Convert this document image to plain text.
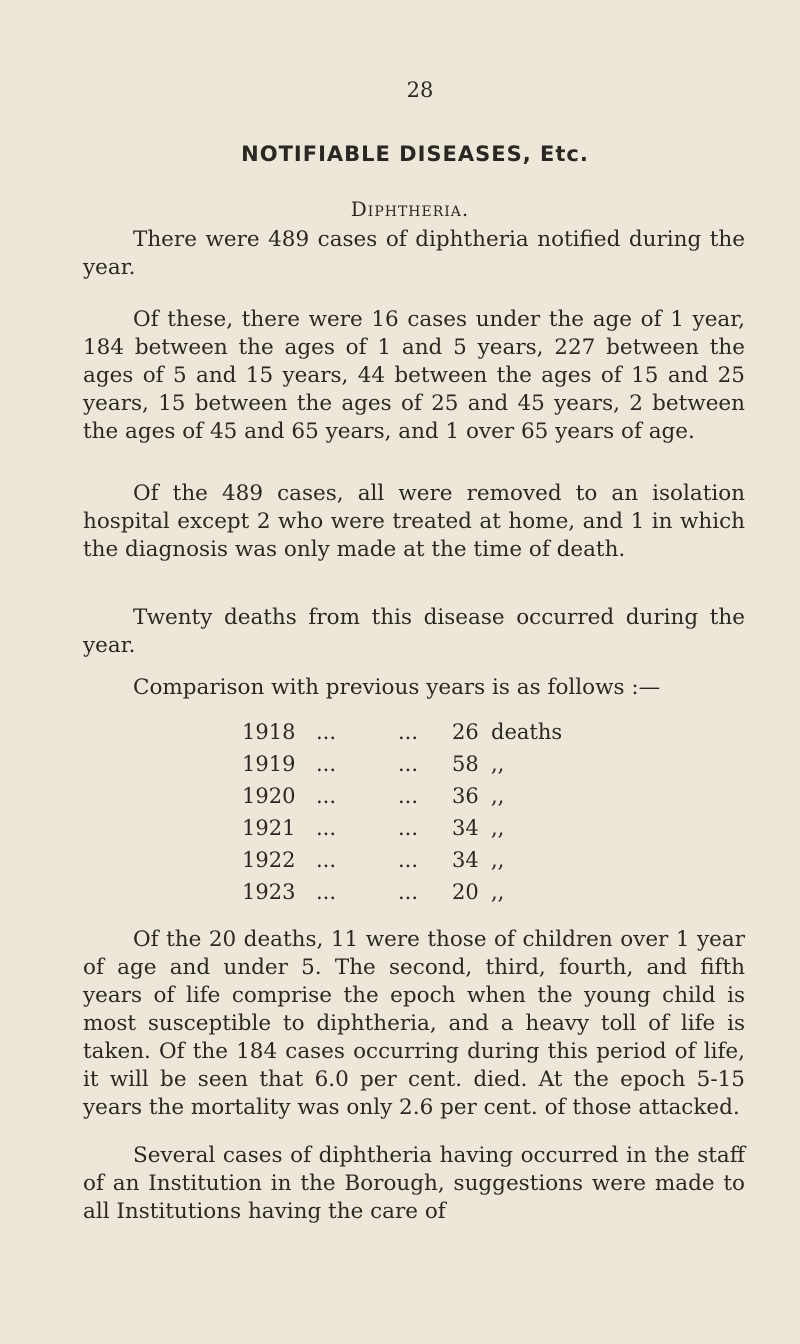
28
NOTIFIABLE DISEASES, Etc.
Diphtheria.

There were 489 cases of diphtheria notified during the year.

Of these, there were 16 cases under the age of 1 year, 184 between the ages of 1 and 5 years, 227 between the ages of 5 and 15 years, 44 between the ages of 15 and 25 years, 15 between the ages of 25 and 45 years, 2 between the ages of 45 and 65 years, and 1 over 65 years of age.

Of the 489 cases, all were removed to an isolation hospital except 2 who were treated at home, and 1 in which the diagnosis was only made at the time of death.

Twenty deaths from this disease occurred during the year.

Comparison with previous years is as follows :—

1918 ...	... 26 deaths
1919 ...	... 58 ,,
1920 ...	... 36 ,,
1921 ...	... 34 ,,
1922 ...	... 34 ,,
1923 ...	... 20 ,,

Of the 20 deaths, 11 were those of children over 1 year of age and under 5. The second, third, fourth, and fifth years of life comprise the epoch when the young child is most susceptible to diphtheria, and a heavy toll of life is taken. Of the 184 cases occurring during this period of life, it will be seen that 6.0 per cent. died. At the epoch 5-15 years the mortality was only 2.6 per cent. of those attacked.

Several cases of diphtheria having occurred in the staff of an Institution in the Borough, suggestions were made to all Institutions having the care of
